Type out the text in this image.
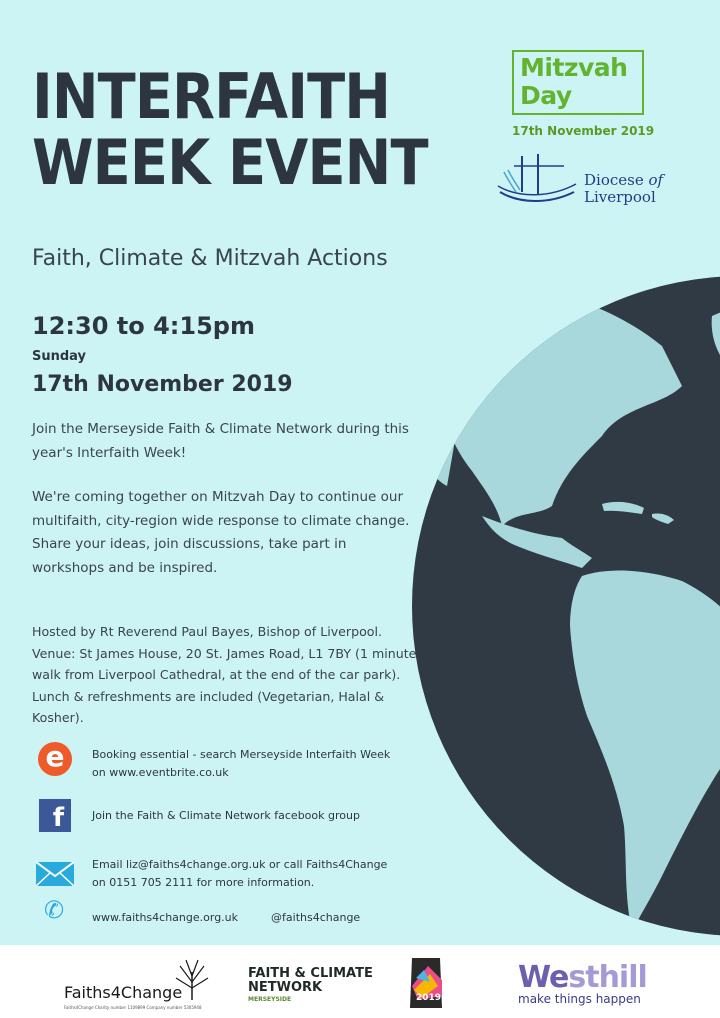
INTERFAITH
WEEK EVENT
Faith, Climate & Mitzvah Actions
12:30 to 4:15pm
Sunday
17th November 2019

Join the Merseyside Faith & Climate Network during this year's Interfaith Week!

We're coming together on Mitzvah Day to continue our multifaith, city-region wide response to climate change. Share your ideas, join discussions, take part in workshops and be inspired.

Hosted by Rt Reverend Paul Bayes, Bishop of Liverpool. Venue: St James House, 20 St. James Road, L1 7BY (1 minute walk from Liverpool Cathedral, at the end of the car park). Lunch & refreshments are included (Vegetarian, Halal & Kosher).

e	Booking essential - search Merseyside Interfaith Week
on www.eventbrite.co.uk
f	Join the Faith & Climate Network facebook group
Email liz@faiths4change.org.uk or call Faiths4Change
on 0151 705 2111 for more information.
✆	www.faiths4change.org.uk	@faiths4change
Mitzvah
Day
17th November 2019
Diocese of
Liverpool
Faiths4Change
Faiths4Change Charity number 1109899 Company number 5305948
FAITH & CLIMATE
NETWORK
MERSEYSIDE	2019
Westhill
make things happen
